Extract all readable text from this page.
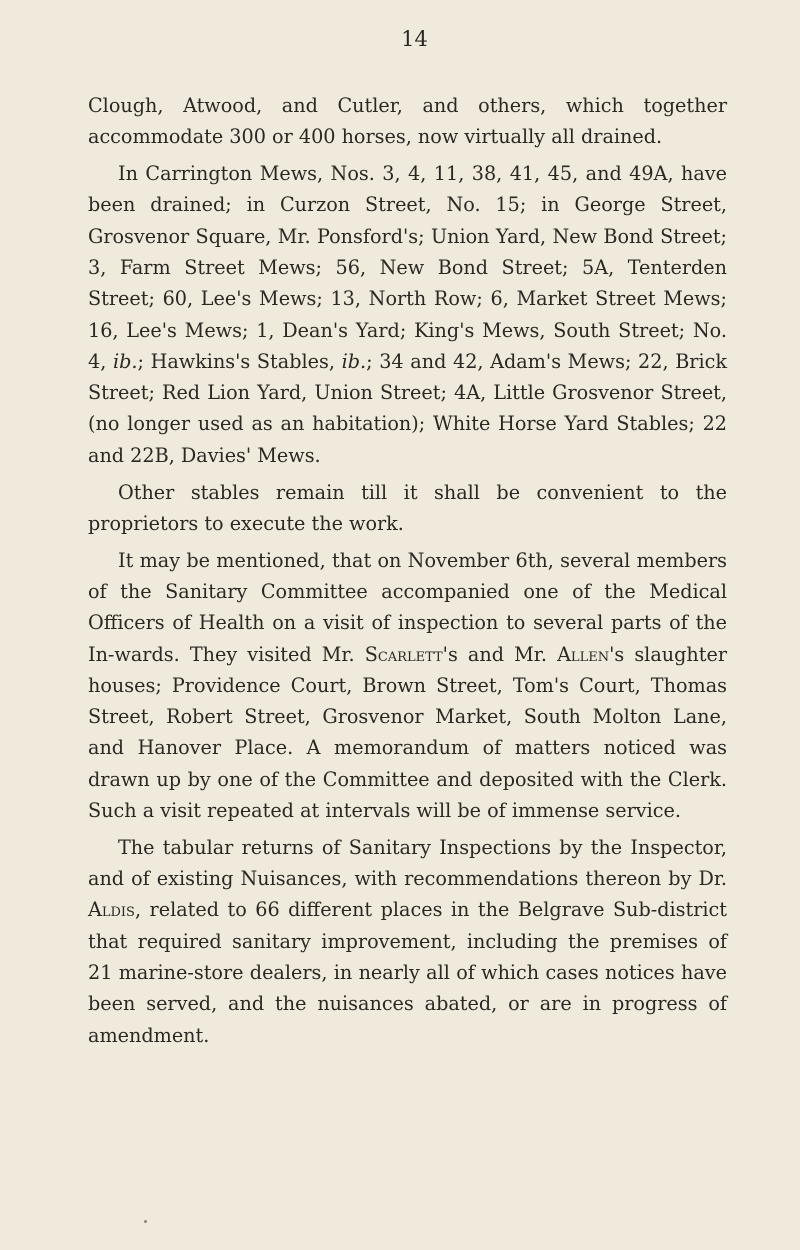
14

Clough, Atwood, and Cutler, and others, which together accommodate 300 or 400 horses, now virtually all drained.

In Carrington Mews, Nos. 3, 4, 11, 38, 41, 45, and 49A, have been drained; in Curzon Street, No. 15; in George Street, Grosvenor Square, Mr. Ponsford's; Union Yard, New Bond Street; 3, Farm Street Mews; 56, New Bond Street; 5A, Tenterden Street; 60, Lee's Mews; 13, North Row; 6, Market Street Mews; 16, Lee's Mews; 1, Dean's Yard; King's Mews, South Street; No. 4, ib.; Hawkins's Stables, ib.; 34 and 42, Adam's Mews; 22, Brick Street; Red Lion Yard, Union Street; 4A, Little Grosvenor Street, (no longer used as an habitation); White Horse Yard Stables; 22 and 22B, Davies' Mews.

Other stables remain till it shall be convenient to the proprietors to execute the work.

It may be mentioned, that on November 6th, several members of the Sanitary Committee accompanied one of the Medical Officers of Health on a visit of inspection to several parts of the In-wards. They visited Mr. Scarlett's and Mr. Allen's slaughter houses; Providence Court, Brown Street, Tom's Court, Thomas Street, Robert Street, Grosvenor Market, South Molton Lane, and Hanover Place. A memorandum of matters noticed was drawn up by one of the Committee and deposited with the Clerk. Such a visit repeated at intervals will be of immense service.

The tabular returns of Sanitary Inspections by the Inspector, and of existing Nuisances, with recommendations thereon by Dr. Aldis, related to 66 different places in the Belgrave Sub-district that required sanitary improvement, including the premises of 21 marine-store dealers, in nearly all of which cases notices have been served, and the nuisances abated, or are in progress of amendment.
